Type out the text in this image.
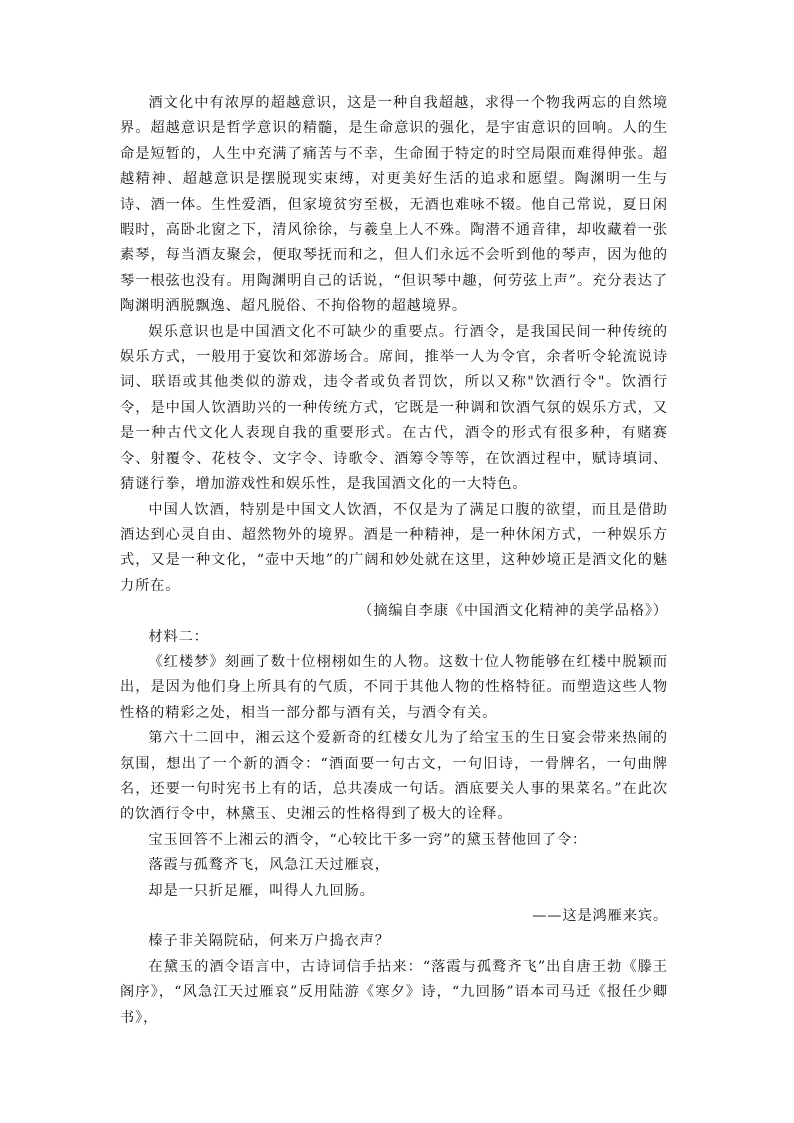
酒文化中有浓厚的超越意识，这是一种自我超越，求得一个物我两忘的自然境界。超越意识是哲学意识的精髓，是生命意识的强化，是宇宙意识的回响。人的生命是短暂的，人生中充满了痛苦与不幸，生命囿于特定的时空局限而难得伸张。超越精神、超越意识是摆脱现实束缚，对更美好生活的追求和愿望。陶渊明一生与诗、酒一体。生性爱酒，但家境贫穷至极，无酒也难咏不辍。他自己常说，夏日闲暇时，高卧北窗之下，清风徐徐，与羲皇上人不殊。陶潜不通音律，却收藏着一张素琴，每当酒友聚会，便取琴抚而和之，但人们永远不会听到他的琴声，因为他的琴一根弦也没有。用陶渊明自己的话说，“但识琴中趣，何劳弦上声”。充分表达了陶渊明洒脱飘逸、超凡脱俗、不拘俗物的超越境界。

娱乐意识也是中国酒文化不可缺少的重要点。行酒令，是我国民间一种传统的娱乐方式，一般用于宴饮和郊游场合。席间，推举一人为令官，余者听令轮流说诗词、联语或其他类似的游戏，违令者或负者罚饮，所以又称"饮酒行令"。饮酒行令，是中国人饮酒助兴的一种传统方式，它既是一种调和饮酒气氛的娱乐方式，又是一种古代文化人表现自我的重要形式。在古代，酒令的形式有很多种，有赌赛令、射覆令、花枝令、文字令、诗歌令、酒筹令等等，在饮酒过程中，赋诗填词、猜谜行拳，增加游戏性和娱乐性，是我国酒文化的一大特色。

中国人饮酒，特别是中国文人饮酒，不仅是为了满足口腹的欲望，而且是借助酒达到心灵自由、超然物外的境界。酒是一种精神，是一种休闲方式，一种娱乐方式，又是一种文化，“壶中天地”的广阔和妙处就在这里，这种妙境正是酒文化的魅力所在。

（摘编自李康《中国酒文化精神的美学品格》）

材料二：

《红楼梦》刻画了数十位栩栩如生的人物。这数十位人物能够在红楼中脱颖而出，是因为他们身上所具有的气质，不同于其他人物的性格特征。而塑造这些人物性格的精彩之处，相当一部分都与酒有关，与酒令有关。

第六十二回中，湘云这个爱新奇的红楼女儿为了给宝玉的生日宴会带来热闹的氛围，想出了一个新的酒令：“酒面要一句古文，一句旧诗，一骨牌名，一句曲牌名，还要一句时宪书上有的话，总共凑成一句话。酒底要关人事的果菜名。”在此次的饮酒行令中，林黛玉、史湘云的性格得到了极大的诠释。

宝玉回答不上湘云的酒令，“心较比干多一窍”的黛玉替他回了令：

落霞与孤鹜齐飞，风急江天过雁哀，

却是一只折足雁，叫得人九回肠。

——这是鸿雁来宾。

榛子非关隔院砧，何来万户捣衣声？

在黛玉的酒令语言中，古诗词信手拈来：“落霞与孤鹜齐飞”出自唐王勃《滕王阁序》，“风急江天过雁哀”反用陆游《寒夕》诗，“九回肠”语本司马迁《报任少卿书》，
